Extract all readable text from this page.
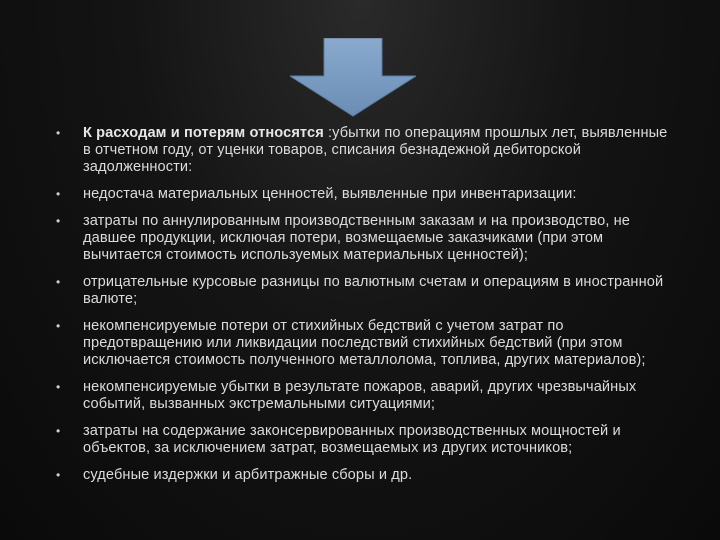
• К расходам и потерям относятся :убытки по операциям прошлых лет, выявленные в отчетном году, от уценки товаров, списания безнадежной дебиторской задолженности:
• недостача материальных ценностей, выявленные при инвентаризации:
• затраты по аннулированным производственным заказам и на производство, не давшее продукции, исключая потери, возмещаемые заказчиками (при этом вычитается стоимость используемых материальных ценностей);
• отрицательные курсовые разницы по валютным счетам и операциям в иностранной валюте;
• некомпенсируемые потери от стихийных бедствий с учетом затрат по предотвращению или ликвидации последствий стихийных бедствий (при этом исключается стоимость полученного металлолома, топлива, других материалов);
• некомпенсируемые убытки в результате пожаров, аварий, других чрезвычайных событий, вызванных экстремальными ситуациями;
• затраты на содержание законсервированных производственных мощностей и объектов, за исключением затрат, возмещаемых из других источников;
• судебные издержки и арбитражные сборы и др.
